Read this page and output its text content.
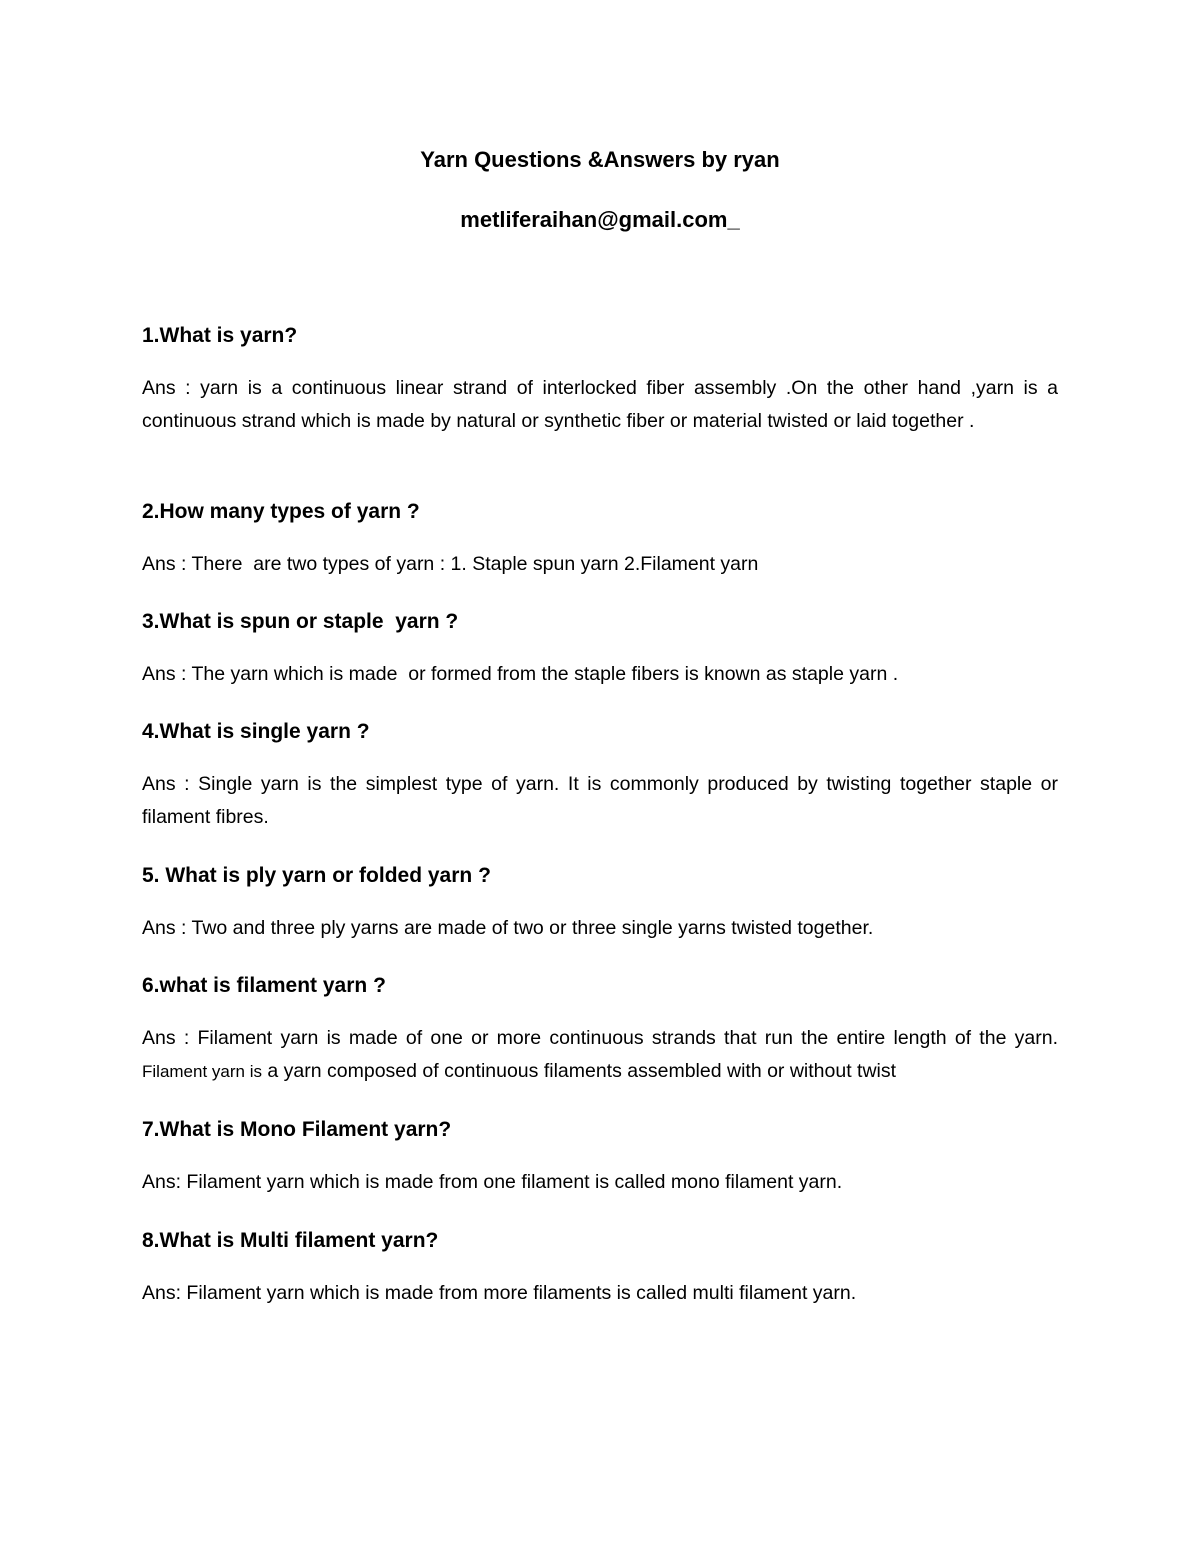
Yarn Questions &Answers by ryan
metliferaihan@gmail.com_

1.What is yarn?

Ans : yarn is a continuous linear strand of interlocked fiber assembly .On the other hand ,yarn is a continuous strand which is made by natural or synthetic fiber or material twisted or laid together .

2.How many types of yarn ?

Ans : There  are two types of yarn : 1. Staple spun yarn 2.Filament yarn

3.What is spun or staple  yarn ?

Ans : The yarn which is made  or formed from the staple fibers is known as staple yarn .

4.What is single yarn ?

Ans : Single yarn is the simplest type of yarn. It is commonly produced by twisting together staple or filament fibres.

5. What is ply yarn or folded yarn ?

Ans : Two and three ply yarns are made of two or three single yarns twisted together.

6.what is filament yarn ?

Ans : Filament yarn is made of one or more continuous strands that run the entire length of the yarn. Filament yarn is a yarn composed of continuous filaments assembled with or without twist

7.What is Mono Filament yarn?

Ans: Filament yarn which is made from one filament is called mono filament yarn.

8.What is Multi filament yarn?

Ans: Filament yarn which is made from more filaments is called multi filament yarn.
